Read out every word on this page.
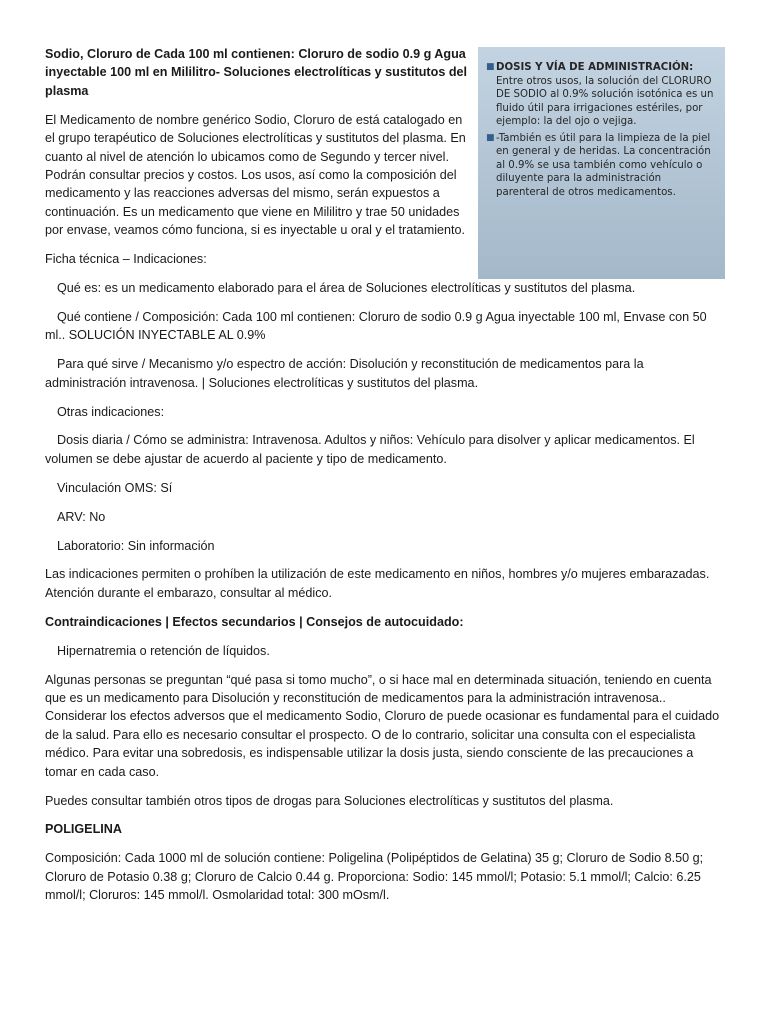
■ DOSIS Y VÍA DE ADMINISTRACIÓN:
Entre otros usos, la solución del CLORURO DE SODIO al 0.9% solución isotónica es un fluido útil para irrigaciones estériles, por ejemplo: la del ojo o vejiga.
■ -También es útil para la limpieza de la piel en general y de heridas. La concentración al 0.9% se usa también como vehículo o diluyente para la administración parenteral de otros medicamentos.

Sodio, Cloruro de Cada 100 ml contienen: Cloruro de sodio 0.9 g Agua inyectable 100 ml en Mililitro- Soluciones electrolíticas y sustitutos del plasma

El Medicamento de nombre genérico Sodio, Cloruro de está catalogado en el grupo terapéutico de Soluciones electrolíticas y sustitutos del plasma. En cuanto al nivel de atención lo ubicamos como de Segundo y tercer nivel. Podrán consultar precios y costos. Los usos, así como la composición del medicamento y las reacciones adversas del mismo, serán expuestos a continuación. Es un medicamento que viene en Mililitro y trae 50 unidades por envase, veamos cómo funciona, si es inyectable u oral y el tratamiento.

Ficha técnica – Indicaciones:

Qué es: es un medicamento elaborado para el área de Soluciones electrolíticas y sustitutos del plasma.

Qué contiene / Composición: Cada 100 ml contienen: Cloruro de sodio 0.9 g Agua inyectable 100 ml, Envase con 50 ml.. SOLUCIÓN INYECTABLE AL 0.9%

Para qué sirve / Mecanismo y/o espectro de acción: Disolución y reconstitución de medicamentos para la administración intravenosa. | Soluciones electrolíticas y sustitutos del plasma.

Otras indicaciones:

Dosis diaria / Cómo se administra: Intravenosa. Adultos y niños: Vehículo para disolver y aplicar medicamentos. El volumen se debe ajustar de acuerdo al paciente y tipo de medicamento.

Vinculación OMS: Sí

ARV: No

Laboratorio: Sin información

Las indicaciones permiten o prohíben la utilización de este medicamento en niños, hombres y/o mujeres embarazadas. Atención durante el embarazo, consultar al médico.

Contraindicaciones | Efectos secundarios | Consejos de autocuidado:

Hipernatremia o retención de líquidos.

Algunas personas se preguntan “qué pasa si tomo mucho”, o si hace mal en determinada situación, teniendo en cuenta que es un medicamento para Disolución y reconstitución de medicamentos para la administración intravenosa.. Considerar los efectos adversos que el medicamento Sodio, Cloruro de puede ocasionar es fundamental para el cuidado de la salud. Para ello es necesario consultar el prospecto. O de lo contrario, solicitar una consulta con el especialista médico. Para evitar una sobredosis, es indispensable utilizar la dosis justa, siendo consciente de las precauciones a tomar en cada caso.

Puedes consultar también otros tipos de drogas para Soluciones electrolíticas y sustitutos del plasma.

POLIGELINA

Composición: Cada 1000 ml de solución contiene: Poligelina (Polipéptidos de Gelatina) 35 g; Cloruro de Sodio 8.50 g; Cloruro de Potasio 0.38 g; Cloruro de Calcio 0.44 g. Proporciona: Sodio: 145 mmol/l; Potasio: 5.1 mmol/l; Calcio: 6.25 mmol/l; Cloruros: 145 mmol/l. Osmolaridad total: 300 mOsm/l.
